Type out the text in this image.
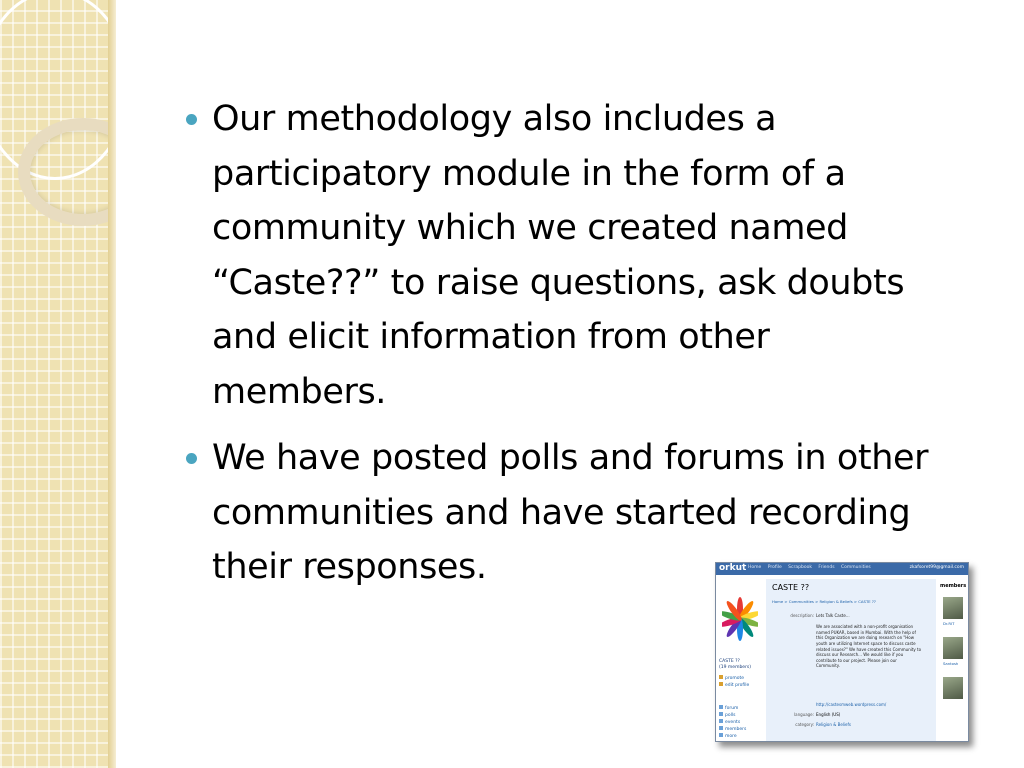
Our methodology also includes a
participatory module in the form of a
community which we created named
“Caste??” to raise questions, ask doubts
and elicit information from other
members.
We have posted polls and forums in other
communities and have started recording
their responses.	orkut Home Profile Scrapbook Friends Communities	zkafsoret99@gmail.com
CASTE ??
(19 members)
promote
edit profile
forum
polls
events
members
more
CASTE ??
Home > Communities > Religion & Beliefs > CASTE ??
description: Lets Talk Caste...

We are associated with a non-profit organisation
named PUKAR, based in Mumbai. With the help of
this Organization we are doing research on "How
youth are utilizing Internet space to discuss caste
related issues?" We have created this Community to
discuss our Research... We would like if you
contribute to our project. Please join our
Community.
http://castesmweb.wordpress.com/
language: English (US)
category: Religion & Beliefs
members
Dr.RIT
Santosh
